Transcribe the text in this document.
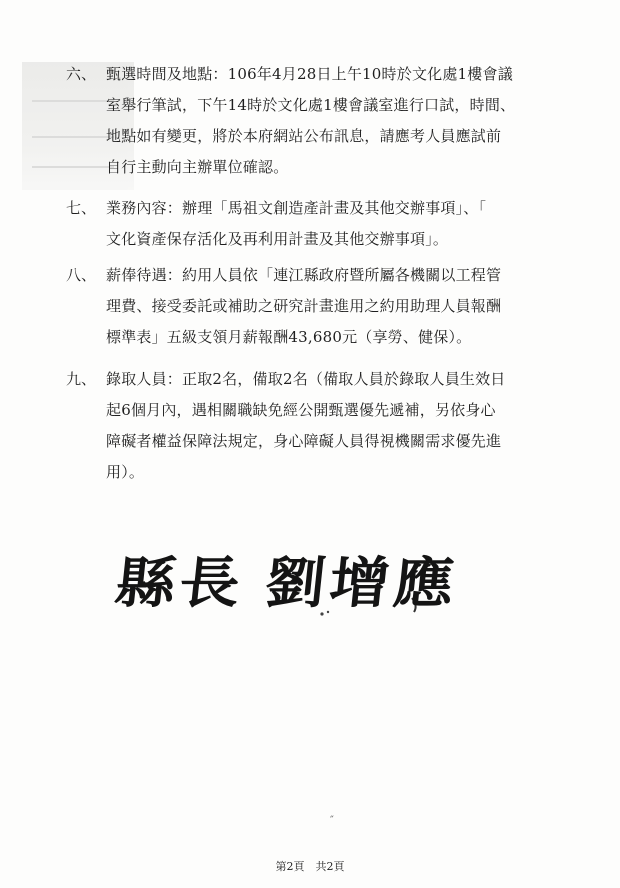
六、 甄選時間及地點：106年4月28日上午10時於文化處1樓會議
室舉行筆試，下午14時於文化處1樓會議室進行口試，時間、
地點如有變更，將於本府網站公布訊息，請應考人員應試前
自行主動向主辦單位確認。
七、 業務內容：辦理「馬祖文創造產計畫及其他交辦事項」、「
文化資產保存活化及再利用計畫及其他交辦事項」。
八、 薪俸待遇：約用人員依「連江縣政府暨所屬各機關以工程管
理費、接受委託或補助之研究計畫進用之約用助理人員報酬
標準表」五級支領月薪報酬43,680元（享勞、健保）。
九、 錄取人員：正取2名，備取2名（備取人員於錄取人員生效日
起6個月內，遇相關職缺免經公開甄選優先遞補，另依身心
障礙者權益保障法規定，身心障礙人員得視機關需求優先進
用）。
縣長 劉增應
˝
第2頁　共2頁
